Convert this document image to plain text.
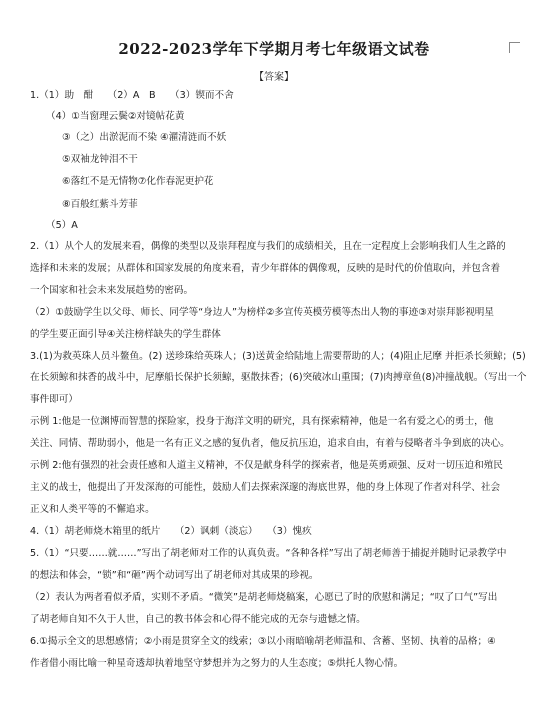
2022-2023学年下学期月考七年级语文试卷
【答案】
1.（1）助　酣　　（2）A　B　　（3）锲而不舍
（4）①当窗理云鬓②对镜帖花黄
③（之）出淤泥而不染 ④濯清涟而不妖
⑤双袖龙钟泪不干
⑥落红不是无情物⑦化作春泥更护花
⑧百般红紫斗芳菲
（5）A
2.（1）从个人的发展来看，偶像的类型以及崇拜程度与我们的成绩相关，且在一定程度上会影响我们人生之路的
选择和未来的发展；从群体和国家发展的角度来看，青少年群体的偶像观，反映的是时代的价值取向，并包含着
一个国家和社会未来发展趋势的密码。
（2）①鼓励学生以父母、师长、同学等“身边人”为榜样②多宣传英模劳模等杰出人物的事迹③对崇拜影视明星
的学生要正面引导④关注榜样缺失的学生群体
3.(1)为救英珠人员斗鳌鱼。(2) 送珍珠给英珠人；(3)送黄金给陆地上需要帮助的人；(4)阻止尼摩 并拒杀长须鲸；(5)
在长须鲸和抹香的战斗中，尼摩船长保护长须鲸，驱散抹香；(6)突破冰山重围；(7)肉搏章鱼(8)冲撞战舰。（写出一个
事件即可）
示例 1:他是一位渊博而智慧的探险家，投身于海洋文明的研究，具有探索精神，他是一名有爱之心的勇士，他
关注、同情、帮助弱小，他是一名有正义之感的复仇者，他反抗压迫，追求自由，有着与侵略者斗争到底的决心。
示例 2:他有强烈的社会责任感和人道主义精神，不仅是献身科学的探索者，他是英勇顽强、反对一切压迫和殖民
主义的战士，他提出了开发深海的可能性，鼓励人们去探索深邃的海底世界，他的身上体现了作者对科学、社会
正义和人类平等的不懈追求。
4.（1）胡老师烧木箱里的纸片　　（2）讽刺（淡忘）　　（3）愧疚
5.（1）“只要……就……”写出了胡老师对工作的认真负责。“各种各样”写出了胡老师善于捕捉并随时记录教学中
的想法和体会，“锁”和“砸”两个动词写出了胡老师对其成果的珍视。
（2）表认为两者看似矛盾，实则不矛盾。“微笑”是胡老师烧稿案，心愿已了时的欣慰和满足；“叹了口气”写出
了胡老师自知不久于人世，自己的教书体会和心得不能完成的无奈与遗憾之情。
6.①揭示全文的思想感情；②小雨是贯穿全文的线索；③以小雨暗喻胡老师温和、含蓄、坚韧、执着的品格；④
作者借小雨比喻一种星奇透却执着地坚守梦想并为之努力的人生态度；⑤烘托人物心情。
